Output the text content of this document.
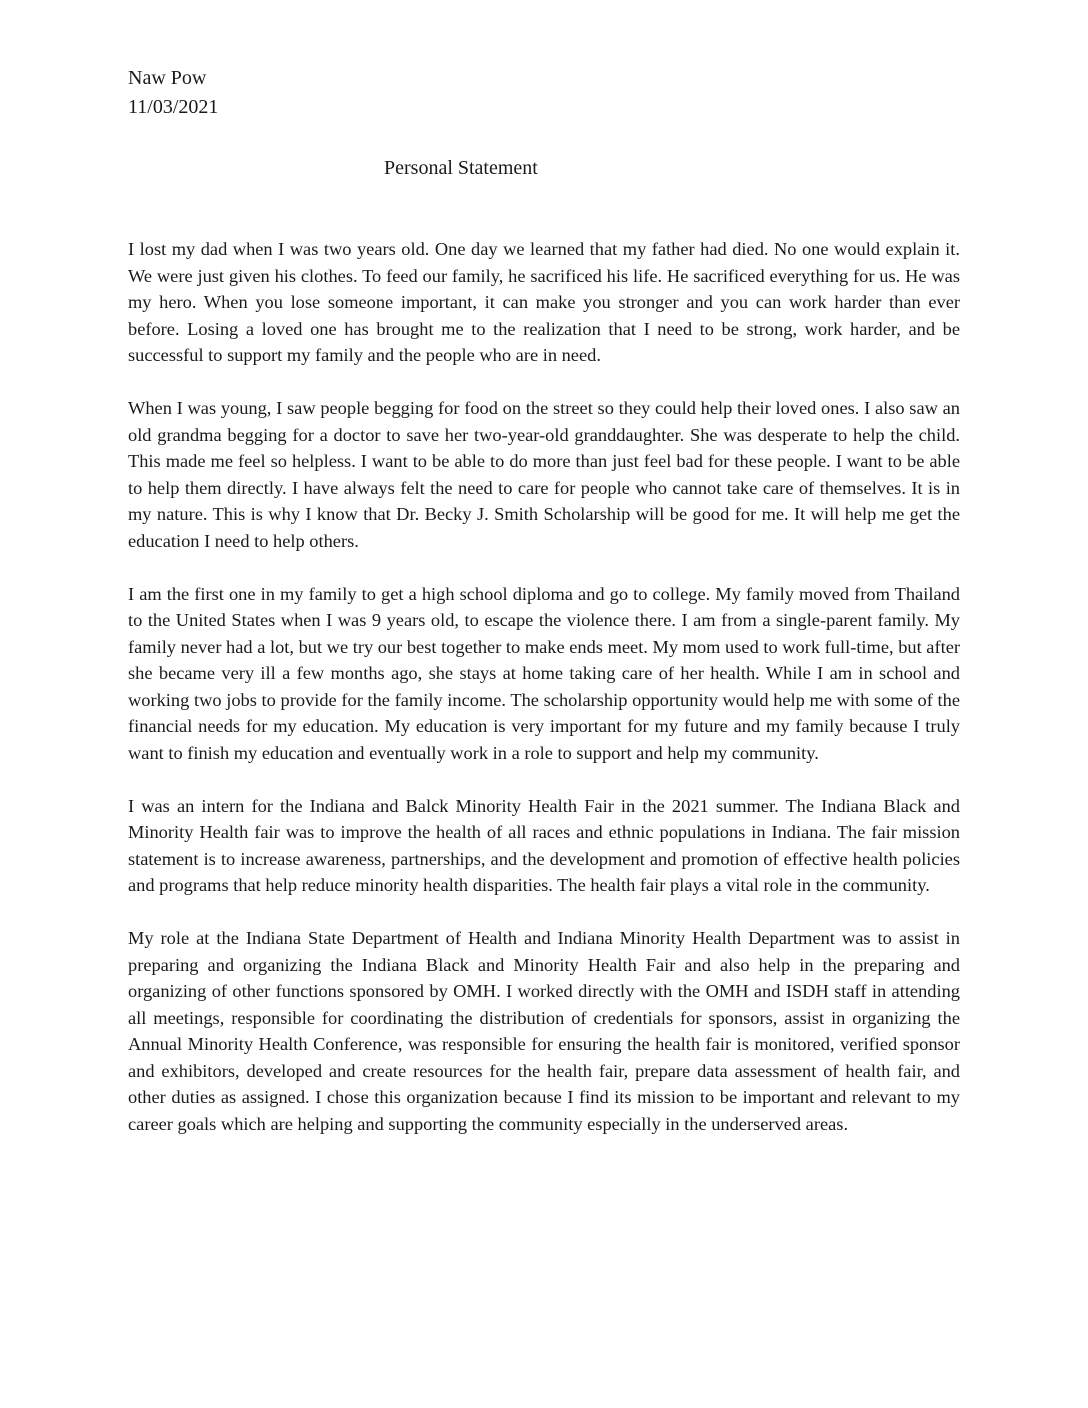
Naw Pow
11/03/2021
Personal Statement

I lost my dad when I was two years old. One day we learned that my father had died. No one would explain it. We were just given his clothes. To feed our family, he sacrificed his life. He sacrificed everything for us. He was my hero. When you lose someone important, it can make you stronger and you can work harder than ever before. Losing a loved one has brought me to the realization that I need to be strong, work harder, and be successful to support my family and the people who are in need.

When I was young, I saw people begging for food on the street so they could help their loved ones. I also saw an old grandma begging for a doctor to save her two-year-old granddaughter. She was desperate to help the child. This made me feel so helpless. I want to be able to do more than just feel bad for these people. I want to be able to help them directly. I have always felt the need to care for people who cannot take care of themselves. It is in my nature. This is why I know that Dr. Becky J. Smith Scholarship will be good for me. It will help me get the education I need to help others.

I am the first one in my family to get a high school diploma and go to college. My family moved from Thailand to the United States when I was 9 years old, to escape the violence there. I am from a single-parent family. My family never had a lot, but we try our best together to make ends meet. My mom used to work full-time, but after she became very ill a few months ago, she stays at home taking care of her health. While I am in school and working two jobs to provide for the family income. The scholarship opportunity would help me with some of the financial needs for my education. My education is very important for my future and my family because I truly want to finish my education and eventually work in a role to support and help my community.

I was an intern for the Indiana and Balck Minority Health Fair in the 2021 summer. The Indiana Black and Minority Health fair was to improve the health of all races and ethnic populations in Indiana. The fair mission statement is to increase awareness, partnerships, and the development and promotion of effective health policies and programs that help reduce minority health disparities. The health fair plays a vital role in the community.

My role at the Indiana State Department of Health and Indiana Minority Health Department was to assist in preparing and organizing the Indiana Black and Minority Health Fair and also help in the preparing and organizing of other functions sponsored by OMH. I worked directly with the OMH and ISDH staff in attending all meetings, responsible for coordinating the distribution of credentials for sponsors, assist in organizing the Annual Minority Health Conference, was responsible for ensuring the health fair is monitored, verified sponsor and exhibitors, developed and create resources for the health fair, prepare data assessment of health fair, and other duties as assigned. I chose this organization because I find its mission to be important and relevant to my career goals which are helping and supporting the community especially in the underserved areas.
